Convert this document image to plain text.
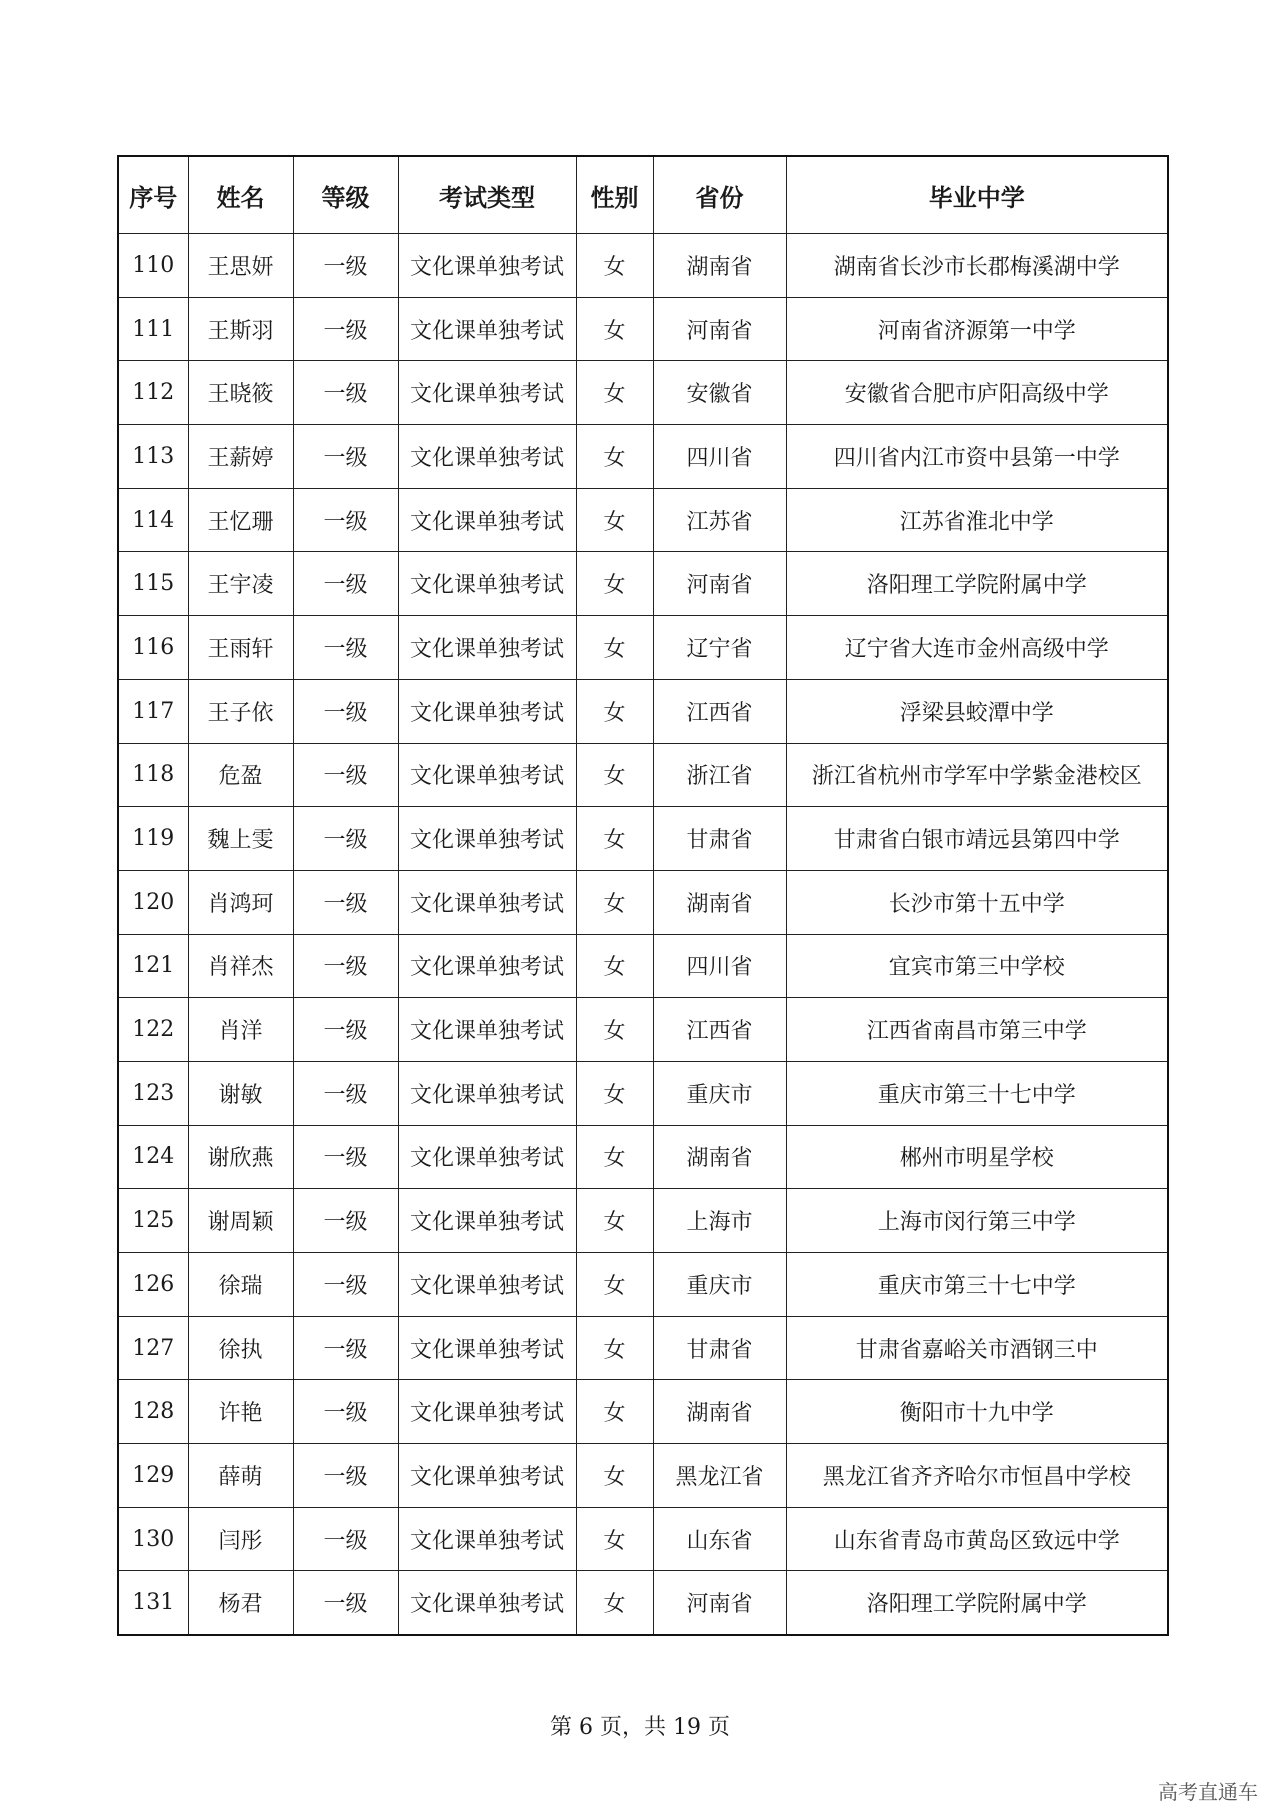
序号	姓名	等级	考试类型	性别	省份	毕业中学
110	王思妍	一级	文化课单独考试	女	湖南省	湖南省长沙市长郡梅溪湖中学
111	王斯羽	一级	文化课单独考试	女	河南省	河南省济源第一中学
112	王晓筱	一级	文化课单独考试	女	安徽省	安徽省合肥市庐阳高级中学
113	王薪婷	一级	文化课单独考试	女	四川省	四川省内江市资中县第一中学
114	王忆珊	一级	文化课单独考试	女	江苏省	江苏省淮北中学
115	王宇凌	一级	文化课单独考试	女	河南省	洛阳理工学院附属中学
116	王雨轩	一级	文化课单独考试	女	辽宁省	辽宁省大连市金州高级中学
117	王子依	一级	文化课单独考试	女	江西省	浮梁县蛟潭中学
118	危盈	一级	文化课单独考试	女	浙江省	浙江省杭州市学军中学紫金港校区
119	魏上雯	一级	文化课单独考试	女	甘肃省	甘肃省白银市靖远县第四中学
120	肖鸿珂	一级	文化课单独考试	女	湖南省	长沙市第十五中学
121	肖祥杰	一级	文化课单独考试	女	四川省	宜宾市第三中学校
122	肖洋	一级	文化课单独考试	女	江西省	江西省南昌市第三中学
123	谢敏	一级	文化课单独考试	女	重庆市	重庆市第三十七中学
124	谢欣燕	一级	文化课单独考试	女	湖南省	郴州市明星学校
125	谢周颖	一级	文化课单独考试	女	上海市	上海市闵行第三中学
126	徐瑞	一级	文化课单独考试	女	重庆市	重庆市第三十七中学
127	徐执	一级	文化课单独考试	女	甘肃省	甘肃省嘉峪关市酒钢三中
128	许艳	一级	文化课单独考试	女	湖南省	衡阳市十九中学
129	薛萌	一级	文化课单独考试	女	黑龙江省	黑龙江省齐齐哈尔市恒昌中学校
130	闫彤	一级	文化课单独考试	女	山东省	山东省青岛市黄岛区致远中学
131	杨君	一级	文化课单独考试	女	河南省	洛阳理工学院附属中学
第 6 页，共 19 页
高考直通车
